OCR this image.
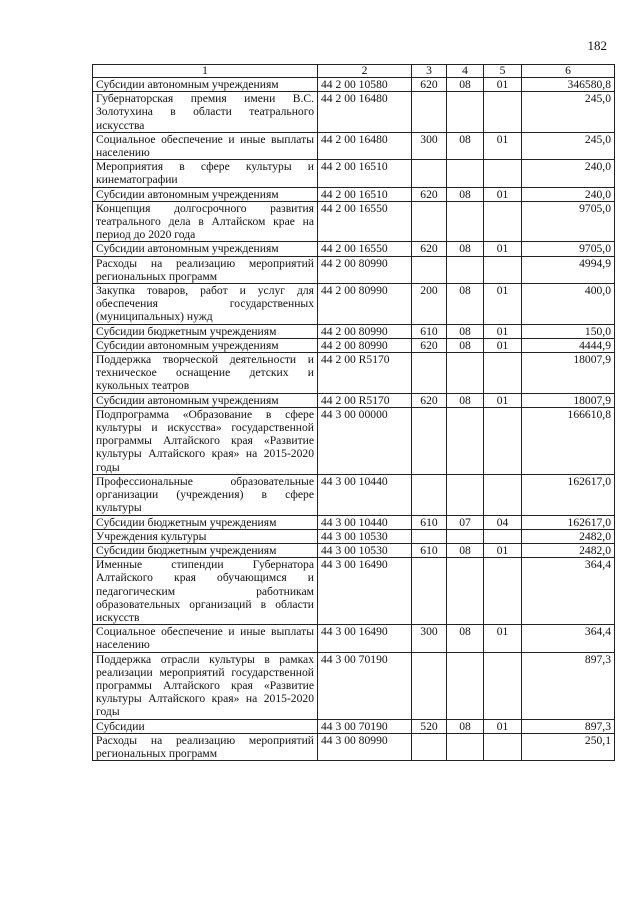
182
1	2	3	4	5	6
Субсидии автономным учреждениям	44 2 00 10580	620	08	01	346580,8
Губернаторская премия имени В.С. Золотухина в области театрального искусства	44 2 00 16480				245,0
Социальное обеспечение и иные выплаты населению	44 2 00 16480	300	08	01	245,0
Мероприятия в сфере культуры и кинематографии	44 2 00 16510				240,0
Субсидии автономным учреждениям	44 2 00 16510	620	08	01	240,0
Концепция долгосрочного развития театрального дела в Алтайском крае на период до 2020 года	44 2 00 16550				9705,0
Субсидии автономным учреждениям	44 2 00 16550	620	08	01	9705,0
Расходы на реализацию мероприятий региональных программ	44 2 00 80990				4994,9
Закупка товаров, работ и услуг для обеспечения государственных (муниципальных) нужд	44 2 00 80990	200	08	01	400,0
Субсидии бюджетным учреждениям	44 2 00 80990	610	08	01	150,0
Субсидии автономным учреждениям	44 2 00 80990	620	08	01	4444,9
Поддержка творческой деятельности и техническое оснащение детских и кукольных театров	44 2 00 R5170				18007,9
Субсидии автономным учреждениям	44 2 00 R5170	620	08	01	18007,9
Подпрограмма «Образование в сфере культуры и искусства» государственной программы Алтайского края «Развитие культуры Алтайского края» на 2015-2020 годы	44 3 00 00000				166610,8
Профессиональные образовательные организации (учреждения) в сфере культуры	44 3 00 10440				162617,0
Субсидии бюджетным учреждениям	44 3 00 10440	610	07	04	162617,0
Учреждения культуры	44 3 00 10530				2482,0
Субсидии бюджетным учреждениям	44 3 00 10530	610	08	01	2482,0
Именные стипендии Губернатора Алтайского края обучающимся и педагогическим работникам образовательных организаций в области искусств	44 3 00 16490				364,4
Социальное обеспечение и иные выплаты населению	44 3 00 16490	300	08	01	364,4
Поддержка отрасли культуры в рамках реализации мероприятий государственной программы Алтайского края «Развитие культуры Алтайского края» на 2015-2020 годы	44 3 00 70190				897,3
Субсидии	44 3 00 70190	520	08	01	897,3
Расходы на реализацию мероприятий региональных программ	44 3 00 80990				250,1
